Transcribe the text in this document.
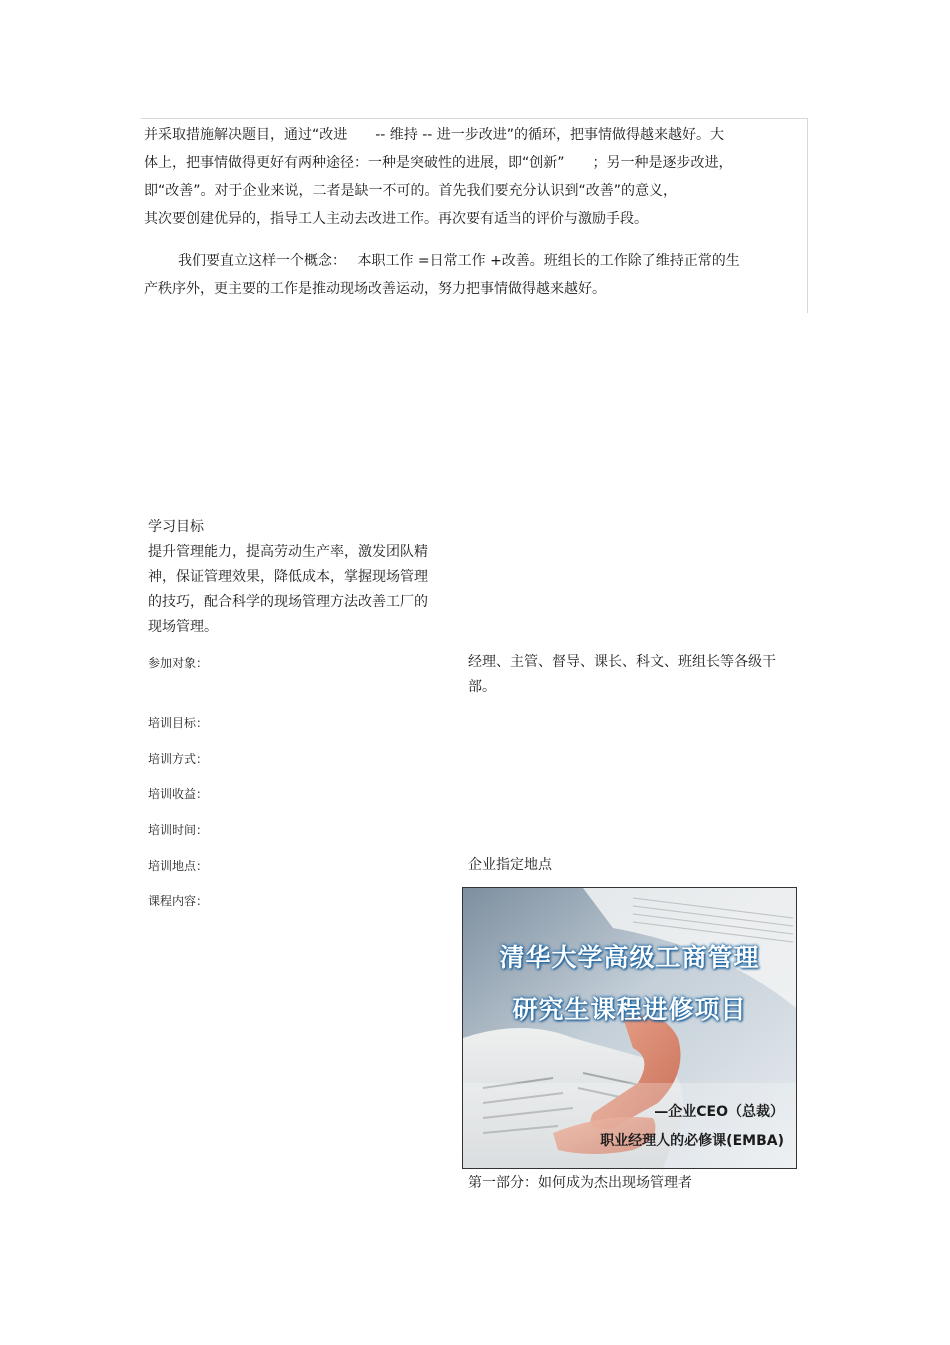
并采取措施解决题目，通过“改进　　-- 维持 -- 进一步改进”的循环，把事情做得越来越好。大

体上，把事情做得更好有两种途径：一种是突破性的进展，即“创新”　　；另一种是逐步改进，

即“改善”。对于企业来说，二者是缺一不可的。首先我们要充分认识到“改善”的意义，

其次要创建优异的，指导工人主动去改进工作。再次要有适当的评价与激励手段。

我们要直立这样一个概念：　 本职工作 =日常工作 +改善。班组长的工作除了维持正常的生

产秩序外，更主要的工作是推动现场改善运动，努力把事情做得越来越好。

学习目标
提升管理能力，提高劳动生产率，激发团队精神，保证管理效果，降低成本，掌握现场管理的技巧，配合科学的现场管理方法改善工厂的现场管理。
参加对象：	经理、主管、督导、课长、科文、班组长等各级干部。
培训目标：
培训方式：
培训收益：
培训时间：
培训地点：	企业指定地点
课程内容：
清华大学高级工商管理
研究生课程进修项目
—企业CEO（总裁）
职业经理人的必修课(EMBA)
第一部分：如何成为杰出现场管理者
